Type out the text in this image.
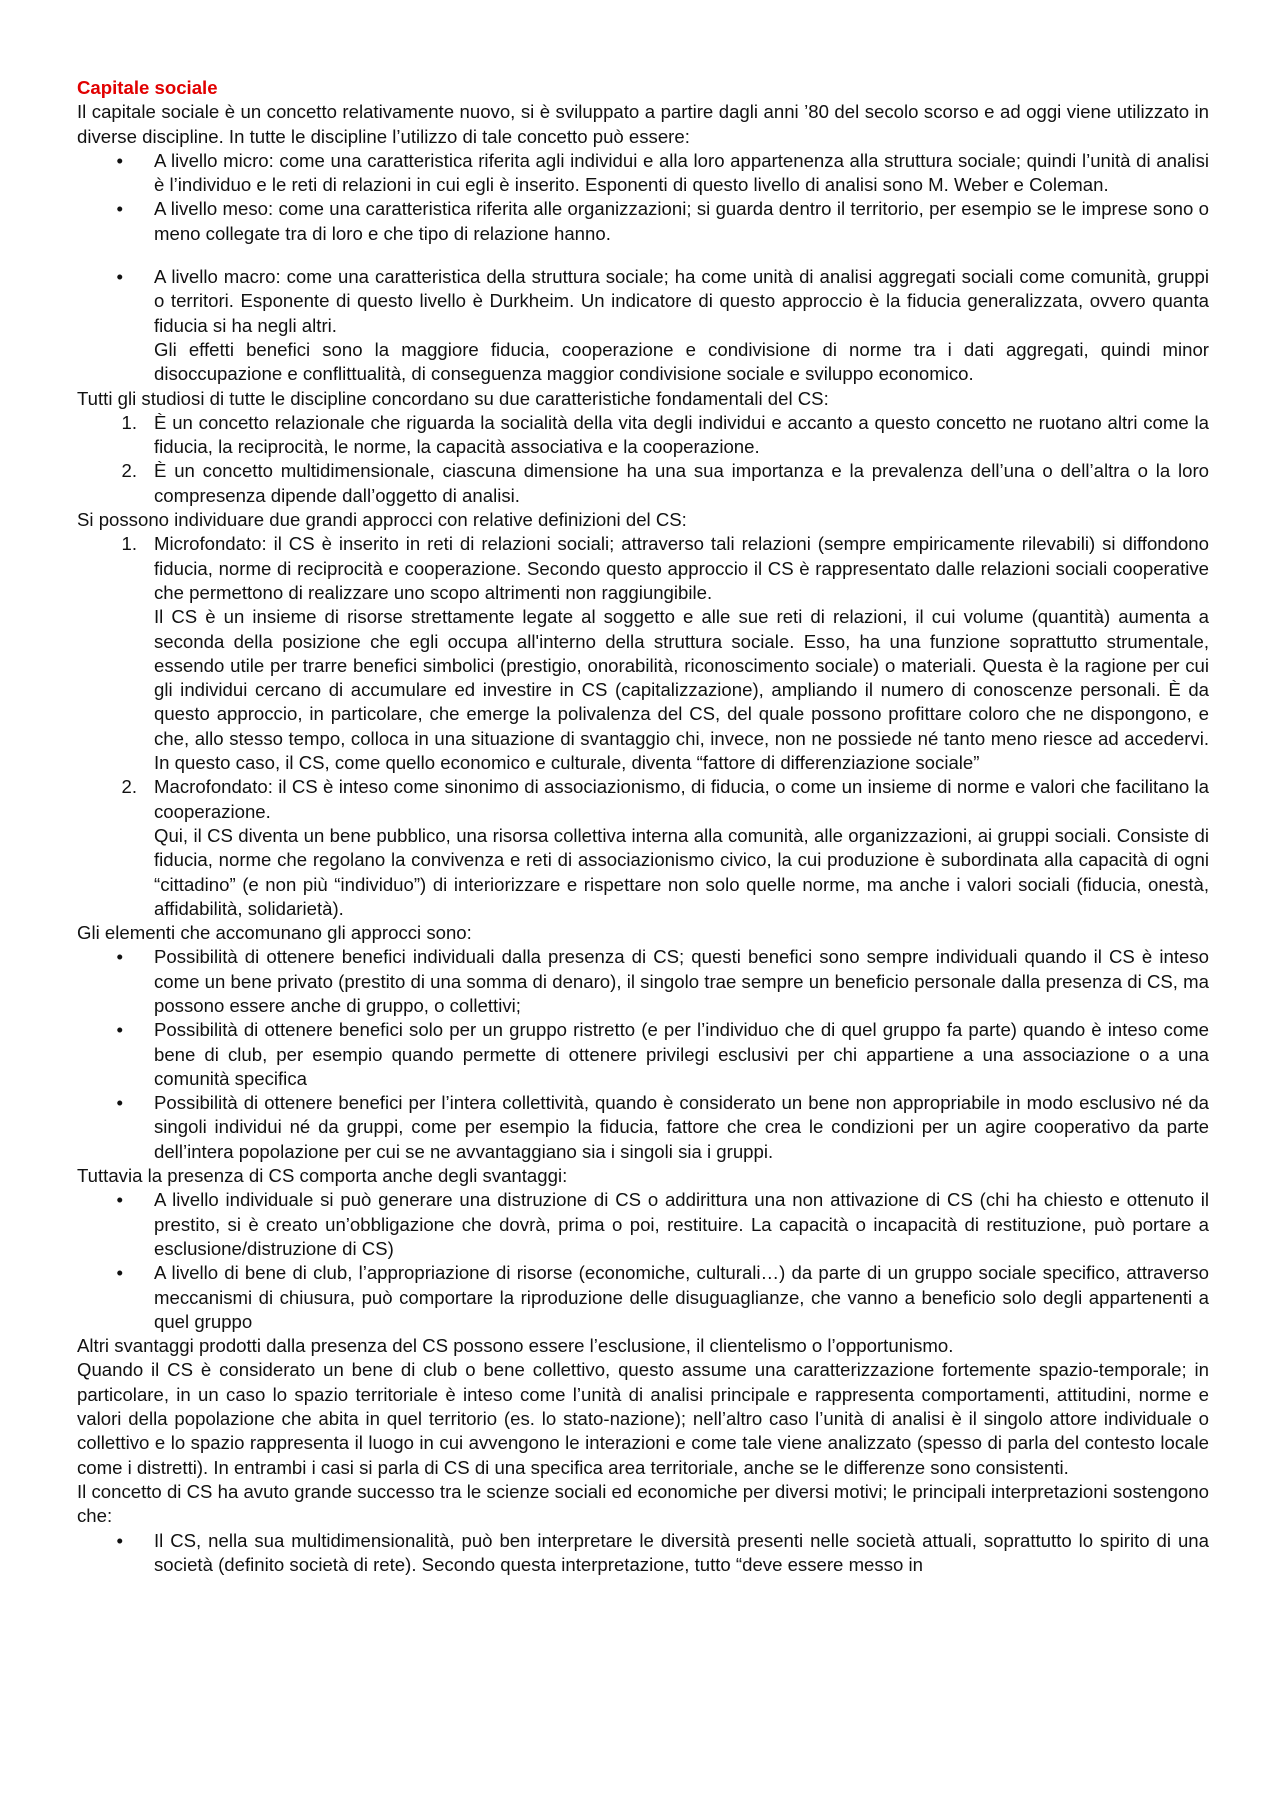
Capitale sociale

Il capitale sociale è un concetto relativamente nuovo, si è sviluppato a partire dagli anni ’80 del secolo scorso e ad oggi viene utilizzato in diverse discipline. In tutte le discipline l’utilizzo di tale concetto può essere:

• A livello micro: come una caratteristica riferita agli individui e alla loro appartenenza alla struttura sociale; quindi l’unità di analisi è l’individuo e le reti di relazioni in cui egli è inserito. Esponenti di questo livello di analisi sono M. Weber e Coleman.
• A livello meso: come una caratteristica riferita alle organizzazioni; si guarda dentro il territorio, per esempio se le imprese sono o meno collegate tra di loro e che tipo di relazione hanno.
• A livello macro: come una caratteristica della struttura sociale; ha come unità di analisi aggregati sociali come comunità, gruppi o territori. Esponente di questo livello è Durkheim. Un indicatore di questo approccio è la fiducia generalizzata, ovvero quanta fiducia si ha negli altri.
Gli effetti benefici sono la maggiore fiducia, cooperazione e condivisione di norme tra i dati aggregati, quindi minor disoccupazione e conflittualità, di conseguenza maggior condivisione sociale e sviluppo economico.

Tutti gli studiosi di tutte le discipline concordano su due caratteristiche fondamentali del CS:

1. È un concetto relazionale che riguarda la socialità della vita degli individui e accanto a questo concetto ne ruotano altri come la fiducia, la reciprocità, le norme, la capacità associativa e la cooperazione.
2. È un concetto multidimensionale, ciascuna dimensione ha una sua importanza e la prevalenza dell’una o dell’altra o la loro compresenza dipende dall’oggetto di analisi.

Si possono individuare due grandi approcci con relative definizioni del CS:

1. Microfondato: il CS è inserito in reti di relazioni sociali; attraverso tali relazioni (sempre empiricamente rilevabili) si diffondono fiducia, norme di reciprocità e cooperazione. Secondo questo approccio il CS è rappresentato dalle relazioni sociali cooperative che permettono di realizzare uno scopo altrimenti non raggiungibile.
Il CS è un insieme di risorse strettamente legate al soggetto e alle sue reti di relazioni, il cui volume (quantità) aumenta a seconda della posizione che egli occupa all'interno della struttura sociale. Esso, ha una funzione soprattutto strumentale, essendo utile per trarre benefici simbolici (prestigio, onorabilità, riconoscimento sociale) o materiali. Questa è la ragione per cui gli individui cercano di accumulare ed investire in CS (capitalizzazione), ampliando il numero di conoscenze personali. È da questo approccio, in particolare, che emerge la polivalenza del CS, del quale possono profittare coloro che ne dispongono, e che, allo stesso tempo, colloca in una situazione di svantaggio chi, invece, non ne possiede né tanto meno riesce ad accedervi. In questo caso, il CS, come quello economico e culturale, diventa “fattore di differenziazione sociale”
2. Macrofondato: il CS è inteso come sinonimo di associazionismo, di fiducia, o come un insieme di norme e valori che facilitano la cooperazione.
Qui, il CS diventa un bene pubblico, una risorsa collettiva interna alla comunità, alle organizzazioni, ai gruppi sociali. Consiste di fiducia, norme che regolano la convivenza e reti di associazionismo civico, la cui produzione è subordinata alla capacità di ogni “cittadino” (e non più “individuo”) di interiorizzare e rispettare non solo quelle norme, ma anche i valori sociali (fiducia, onestà, affidabilità, solidarietà).

Gli elementi che accomunano gli approcci sono:

• Possibilità di ottenere benefici individuali dalla presenza di CS; questi benefici sono sempre individuali quando il CS è inteso come un bene privato (prestito di una somma di denaro), il singolo trae sempre un beneficio personale dalla presenza di CS, ma possono essere anche di gruppo, o collettivi;
• Possibilità di ottenere benefici solo per un gruppo ristretto (e per l’individuo che di quel gruppo fa parte) quando è inteso come bene di club, per esempio quando permette di ottenere privilegi esclusivi per chi appartiene a una associazione o a una comunità specifica
• Possibilità di ottenere benefici per l’intera collettività, quando è considerato un bene non appropriabile in modo esclusivo né da singoli individui né da gruppi, come per esempio la fiducia, fattore che crea le condizioni per un agire cooperativo da parte dell’intera popolazione per cui se ne avvantaggiano sia i singoli sia i gruppi.

Tuttavia la presenza di CS comporta anche degli svantaggi:

• A livello individuale si può generare una distruzione di CS o addirittura una non attivazione di CS (chi ha chiesto e ottenuto il prestito, si è creato un’obbligazione che dovrà, prima o poi, restituire. La capacità o incapacità di restituzione, può portare a esclusione/distruzione di CS)
• A livello di bene di club, l’appropriazione di risorse (economiche, culturali…) da parte di un gruppo sociale specifico, attraverso meccanismi di chiusura, può comportare la riproduzione delle disuguaglianze, che vanno a beneficio solo degli appartenenti a quel gruppo

Altri svantaggi prodotti dalla presenza del CS possono essere l’esclusione, il clientelismo o l’opportunismo.

Quando il CS è considerato un bene di club o bene collettivo, questo assume una caratterizzazione fortemente spazio-temporale; in particolare, in un caso lo spazio territoriale è inteso come l’unità di analisi principale e rappresenta comportamenti, attitudini, norme e valori della popolazione che abita in quel territorio (es. lo stato-nazione); nell’altro caso l’unità di analisi è il singolo attore individuale o collettivo e lo spazio rappresenta il luogo in cui avvengono le interazioni e come tale viene analizzato (spesso di parla del contesto locale come i distretti). In entrambi i casi si parla di CS di una specifica area territoriale, anche se le differenze sono consistenti.

Il concetto di CS ha avuto grande successo tra le scienze sociali ed economiche per diversi motivi; le principali interpretazioni sostengono che:

• Il CS, nella sua multidimensionalità, può ben interpretare le diversità presenti nelle società attuali, soprattutto lo spirito di una società (definito società di rete). Secondo questa interpretazione, tutto “deve essere messo in
